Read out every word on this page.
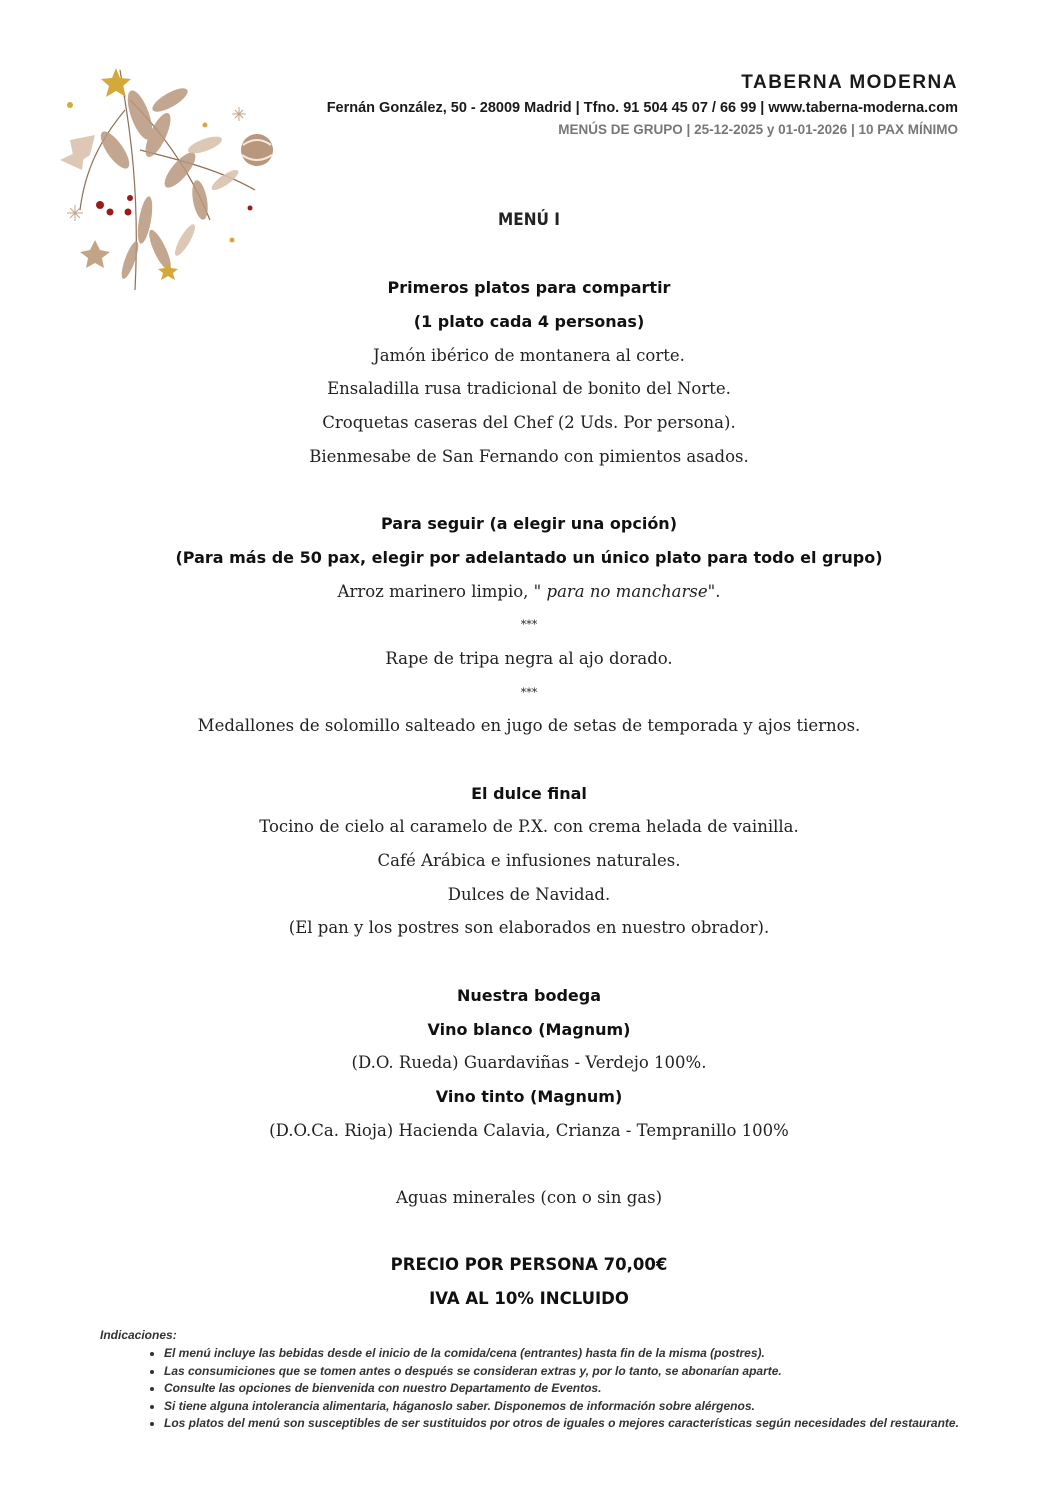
TABERNA MODERNA
Fernán González, 50 - 28009 Madrid | Tfno. 91 504 45 07 / 66 99 | www.taberna-moderna.com
MENÚS DE GRUPO | 25-12-2025 y 01-01-2026 | 10 PAX MÍNIMO
MENÚ I
Primeros platos para compartir
(1 plato cada 4 personas)
Jamón ibérico de montanera al corte.
Ensaladilla rusa tradicional de bonito del Norte.
Croquetas caseras del Chef (2 Uds. Por persona).
Bienmesabe de San Fernando con pimientos asados.
Para seguir (a elegir una opción)
(Para más de 50 pax, elegir por adelantado un único plato para todo el grupo)
Arroz marinero limpio, " para no mancharse".
***
Rape de tripa negra al ajo dorado.
***
Medallones de solomillo salteado en jugo de setas de temporada y ajos tiernos.
El dulce final
Tocino de cielo al caramelo de P.X. con crema helada de vainilla.
Café Arábica e infusiones naturales.
Dulces de Navidad.
(El pan y los postres son elaborados en nuestro obrador).
Nuestra bodega
Vino blanco (Magnum)
(D.O. Rueda) Guardaviñas - Verdejo 100%.
Vino tinto (Magnum)
(D.O.Ca. Rioja) Hacienda Calavia, Crianza - Tempranillo 100%
Aguas minerales (con o sin gas)
PRECIO POR PERSONA 70,00€
IVA AL 10% INCLUIDO
Indicaciones:
• El menú incluye las bebidas desde el inicio de la comida/cena (entrantes) hasta fin de la misma (postres).
• Las consumiciones que se tomen antes o después se consideran extras y, por lo tanto, se abonarían aparte.
• Consulte las opciones de bienvenida con nuestro Departamento de Eventos.
• Si tiene alguna intolerancia alimentaria, háganoslo saber. Disponemos de información sobre alérgenos.
• Los platos del menú son susceptibles de ser sustituidos por otros de iguales o mejores características según necesidades del restaurante.
